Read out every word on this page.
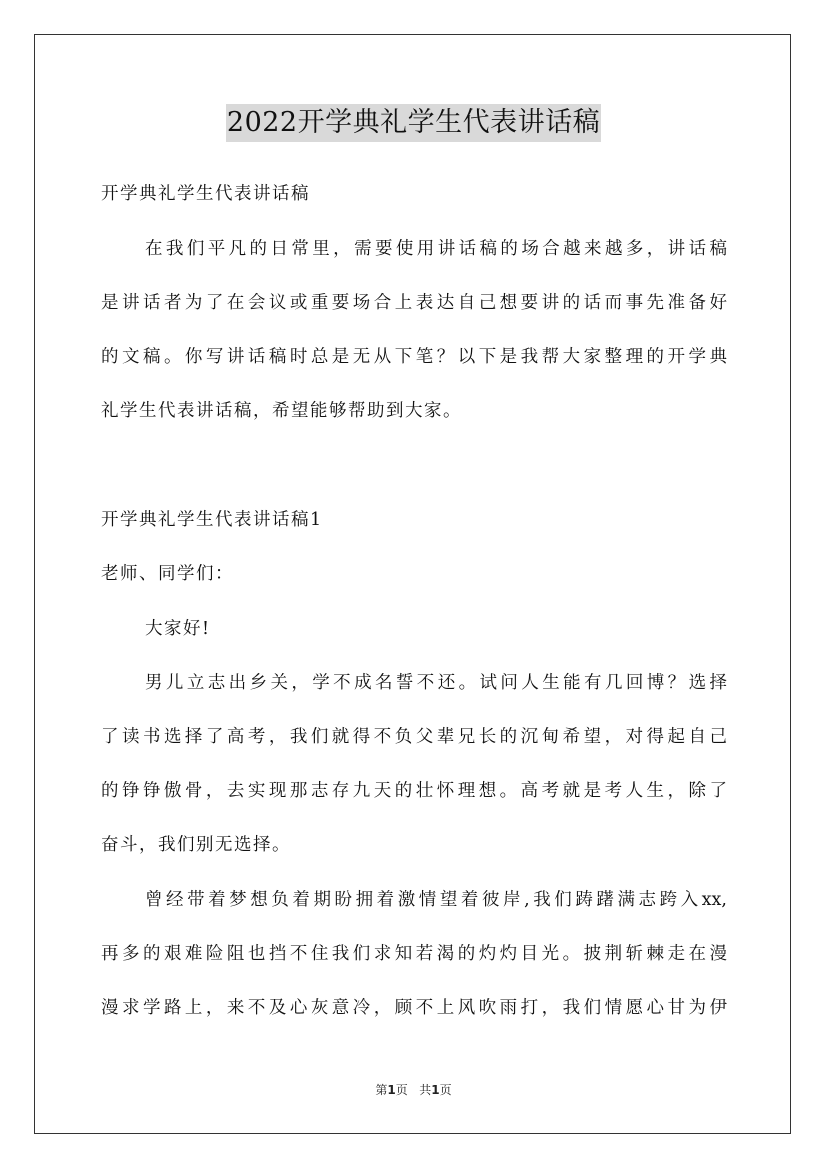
2022开学典礼学生代表讲话稿
开学典礼学生代表讲话稿
在我们平凡的日常里，需要使用讲话稿的场合越来越多，讲话稿
是讲话者为了在会议或重要场合上表达自己想要讲的话而事先准备好
的文稿。你写讲话稿时总是无从下笔？以下是我帮大家整理的开学典
礼学生代表讲话稿，希望能够帮助到大家。
开学典礼学生代表讲话稿1
老师、同学们：
大家好!
男儿立志出乡关，学不成名誓不还。试问人生能有几回博？选择
了读书选择了高考，我们就得不负父辈兄长的沉甸希望，对得起自己
的铮铮傲骨，去实现那志存九天的壮怀理想。高考就是考人生，除了
奋斗，我们别无选择。
曾经带着梦想负着期盼拥着激情望着彼岸,我们踌躇满志跨入xx,
再多的艰难险阻也挡不住我们求知若渴的灼灼目光。披荆斩棘走在漫
漫求学路上，来不及心灰意冷，顾不上风吹雨打，我们情愿心甘为伊
第1页 共1页
